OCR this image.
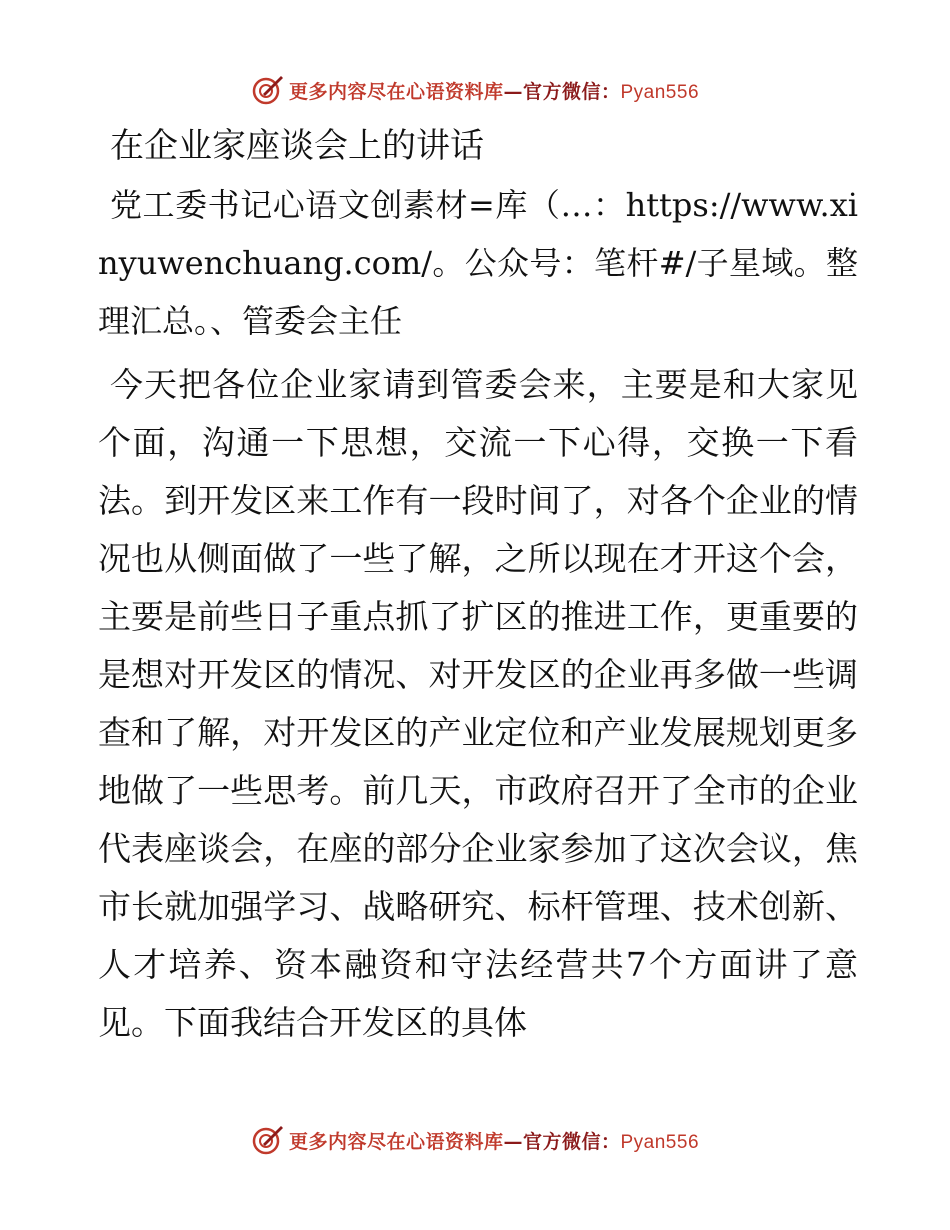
更多内容尽在心语资料库—官方微信：Pyan556
在企业家座谈会上的讲话

党工委书记心语文创素材=库（…：https://www.xinyuwenchuang.com/。公众号：笔杆#/子星域。整理汇总。、管委会主任

今天把各位企业家请到管委会来，主要是和大家见个面，沟通一下思想，交流一下心得，交换一下看法。到开发区来工作有一段时间了，对各个企业的情况也从侧面做了一些了解，之所以现在才开这个会，主要是前些日子重点抓了扩区的推进工作，更重要的是想对开发区的情况、对开发区的企业再多做一些调查和了解，对开发区的产业定位和产业发展规划更多地做了一些思考。前几天，市政府召开了全市的企业代表座谈会，在座的部分企业家参加了这次会议，焦市长就加强学习、战略研究、标杆管理、技术创新、人才培养、资本融资和守法经营共7个方面讲了意见。下面我结合开发区的具体

更多内容尽在心语资料库—官方微信：Pyan556
